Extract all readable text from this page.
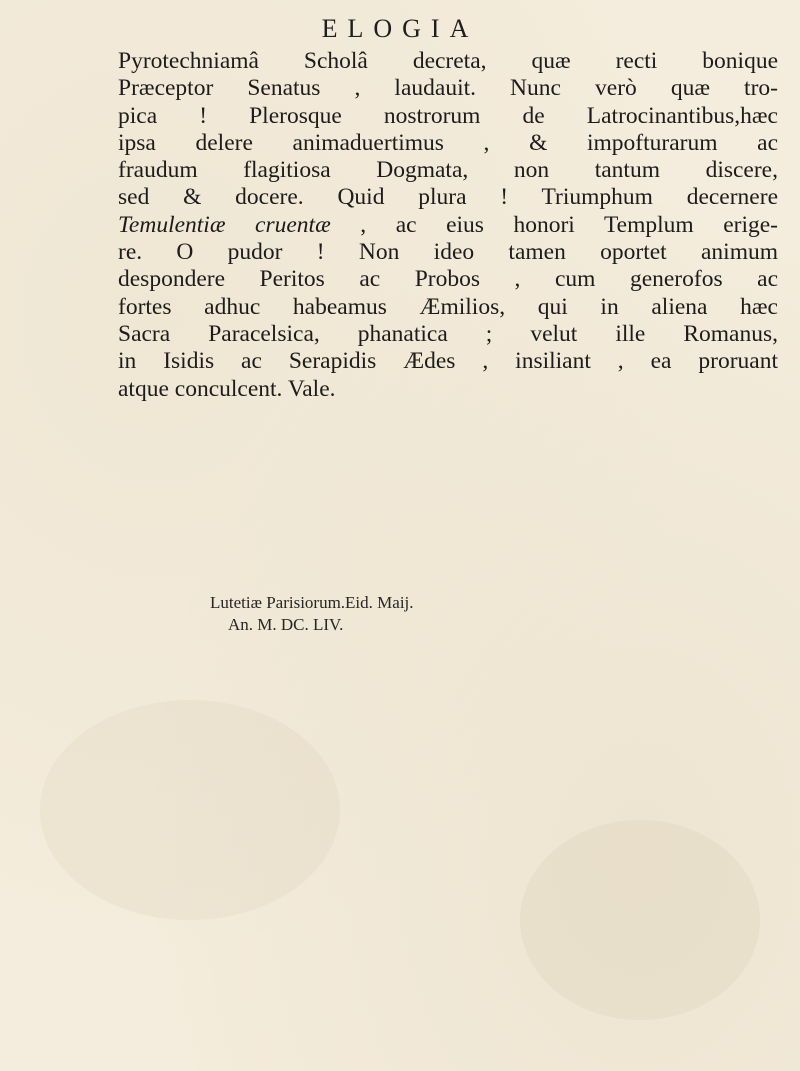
ELOGIA
Pyrotechniamâ Scholâ decreta, quæ recti bonique
Præceptor Senatus , laudauit. Nunc verò quæ tro-
pica ! Plerosque nostrorum de Latrocinantibus,hæc
ipsa delere animaduertimus , & impofturarum ac
fraudum flagitiosa Dogmata, non tantum discere,
sed & docere. Quid plura ! Triumphum decernere
Temulentiæ cruentæ , ac eius honori Templum erige-
re. O pudor ! Non ideo tamen oportet animum
despondere Peritos ac Probos , cum generofos ac
fortes adhuc habeamus Æmilios, qui in aliena hæc
Sacra Paracelsica, phanatica ; velut ille Romanus,
in Isidis ac Serapidis Ædes , insiliant , ea proruant
atque conculcent. Vale.
Lutetiæ Parisiorum.Eid. Maij.
An. M. DC. LIV.
